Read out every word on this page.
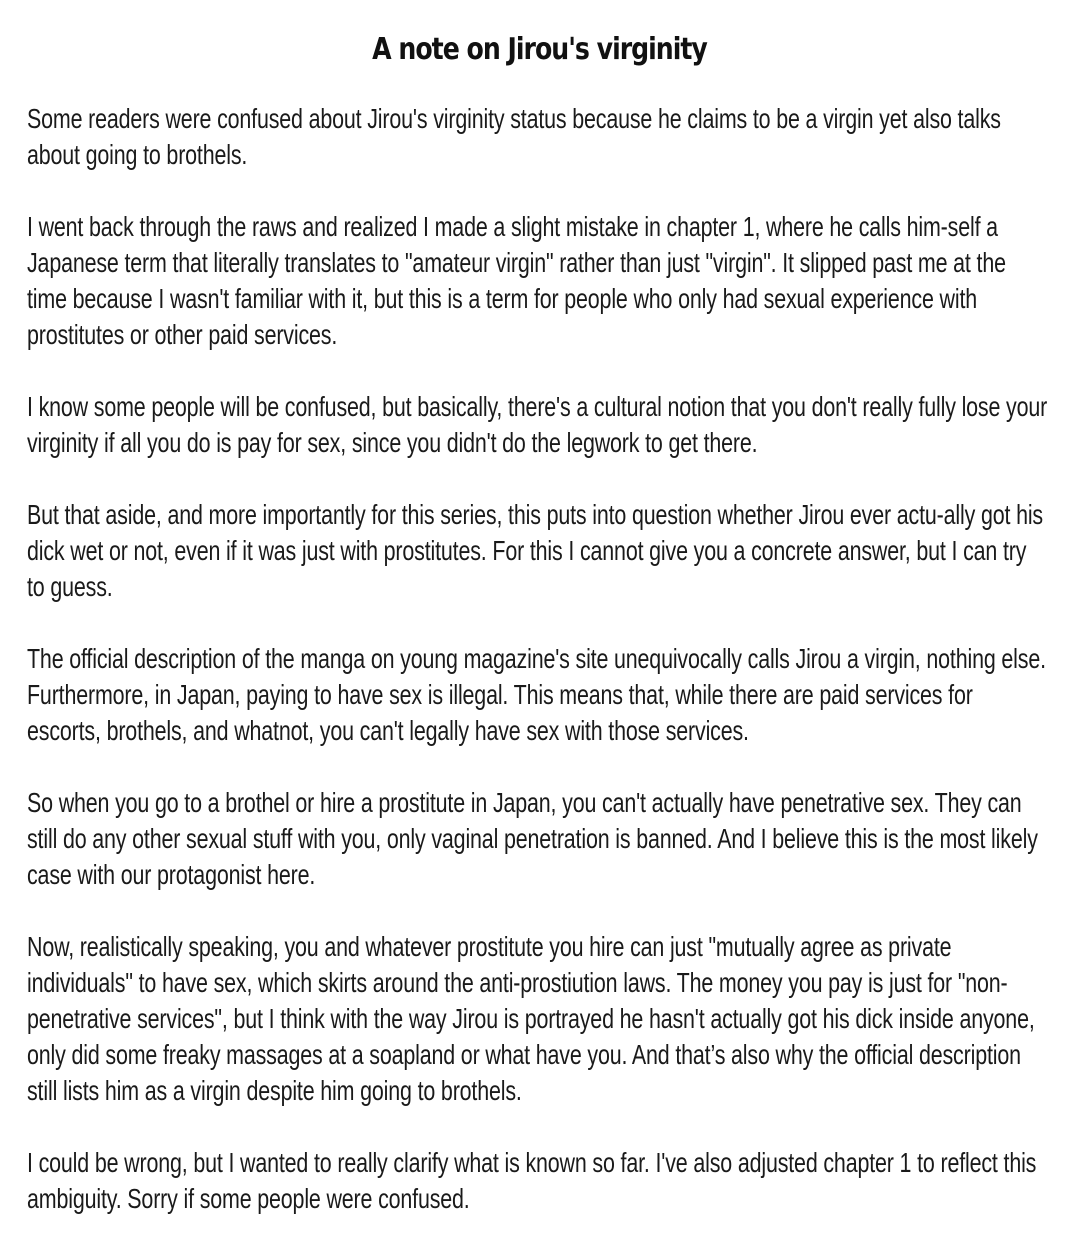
A note on Jirou's virginity

Some readers were confused about Jirou's virginity status because he claims to be a virgin yet also talks about going to brothels.

I went back through the raws and realized I made a slight mistake in chapter 1, where he calls him-self a Japanese term that literally translates to "amateur virgin" rather than just "virgin". It slipped past me at the time because I wasn't familiar with it, but this is a term for people who only had sexual experience with prostitutes or other paid services.

I know some people will be confused, but basically, there's a cultural notion that you don't really fully lose your virginity if all you do is pay for sex, since you didn't do the legwork to get there.

But that aside, and more importantly for this series, this puts into question whether Jirou ever actu-ally got his dick wet or not, even if it was just with prostitutes. For this I cannot give you a concrete answer, but I can try to guess.

The official description of the manga on young magazine's site unequivocally calls Jirou a virgin, nothing else. Furthermore, in Japan, paying to have sex is illegal. This means that, while there are paid services for escorts, brothels, and whatnot, you can't legally have sex with those services.

So when you go to a brothel or hire a prostitute in Japan, you can't actually have penetrative sex. They can still do any other sexual stuff with you, only vaginal penetration is banned. And I believe this is the most likely case with our protagonist here.

Now, realistically speaking, you and whatever prostitute you hire can just "mutually agree as private individuals" to have sex, which skirts around the anti-prostiution laws. The money you pay is just for "non-penetrative services", but I think with the way Jirou is portrayed he hasn't actually got his dick inside anyone, only did some freaky massages at a soapland or what have you. And that’s also why the official description still lists him as a virgin despite him going to brothels.

I could be wrong, but I wanted to really clarify what is known so far. I've also adjusted chapter 1 to reflect this ambiguity. Sorry if some people were confused.
